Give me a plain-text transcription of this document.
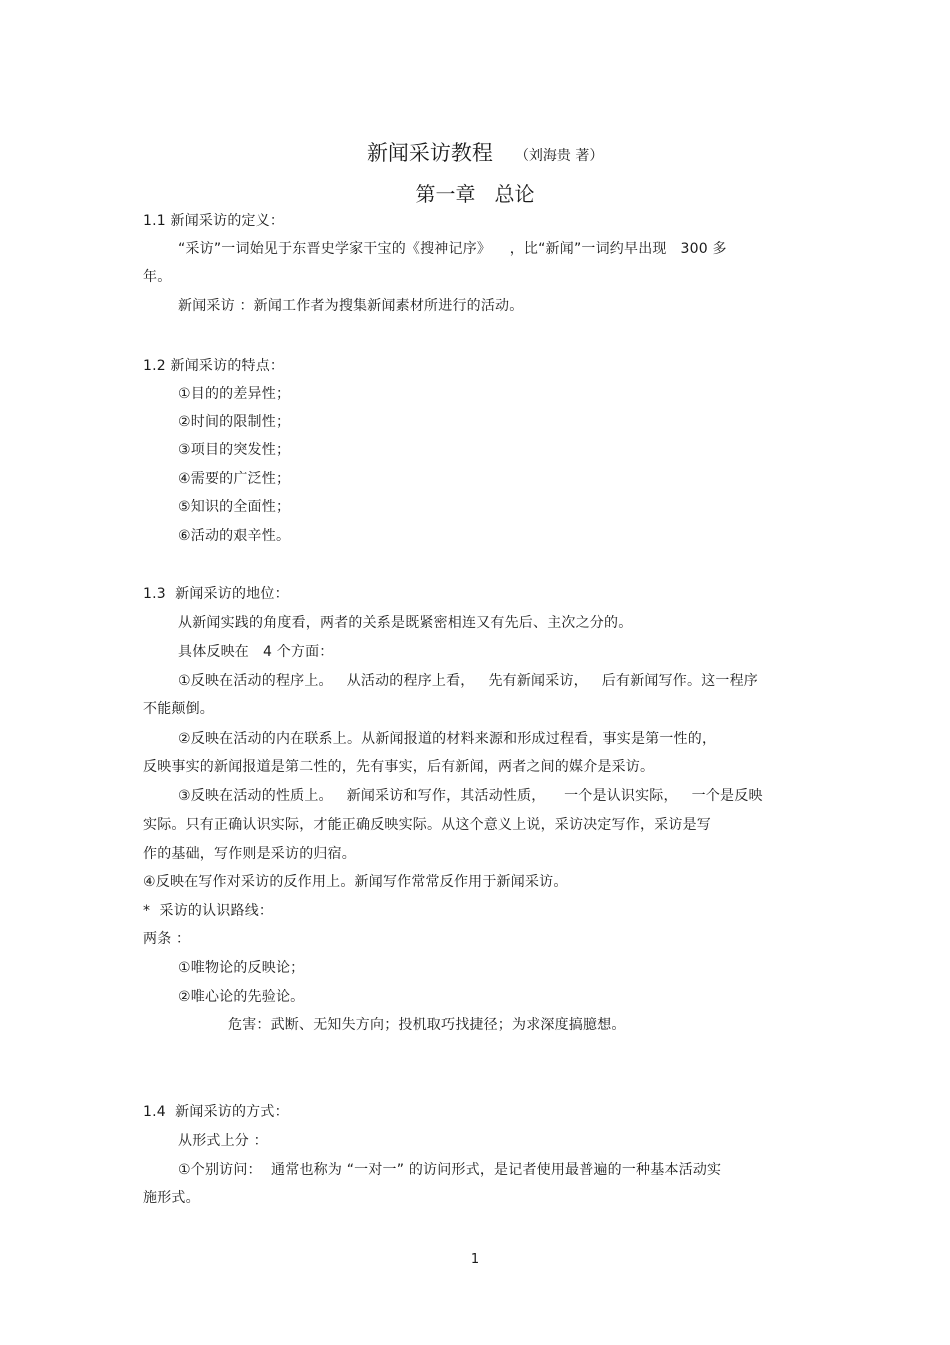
新闻采访教程 （刘海贵 著）

第一章   总论
1.1 新闻采访的定义：
“采访”一词始见于东晋史学家干宝的《搜神记序》    ，比“新闻”一词约早出现   300 多
年。
新闻采访 ：新闻工作者为搜集新闻素材所进行的活动。
1.2 新闻采访的特点：
①目的的差异性；
②时间的限制性；
③项目的突发性；
④需要的广泛性；
⑤知识的全面性；
⑥活动的艰辛性。
1.3  新闻采访的地位：
从新闻实践的角度看，两者的关系是既紧密相连又有先后、主次之分的。
具体反映在   4 个方面：
①反映在活动的程序上。   从活动的程序上看，   先有新闻采访，   后有新闻写作。这一程序
不能颠倒。
②反映在活动的内在联系上。从新闻报道的材料来源和形成过程看，事实是第一性的，
反映事实的新闻报道是第二性的，先有事实，后有新闻，两者之间的媒介是采访。
③反映在活动的性质上。   新闻采访和写作，其活动性质，    一个是认识实际，   一个是反映
实际。只有正确认识实际，才能正确反映实际。从这个意义上说，采访决定写作，采访是写
作的基础，写作则是采访的归宿。
④反映在写作对采访的反作用上。新闻写作常常反作用于新闻采访。
*  采访的认识路线：
两条 ：
①唯物论的反映论；
②唯心论的先验论。
危害：武断、无知失方向；投机取巧找捷径；为求深度搞臆想。
1.4  新闻采访的方式：
从形式上分 ：
①个别访问：  通常也称为 “一对一” 的访问形式，是记者使用最普遍的一种基本活动实
施形式。
1
